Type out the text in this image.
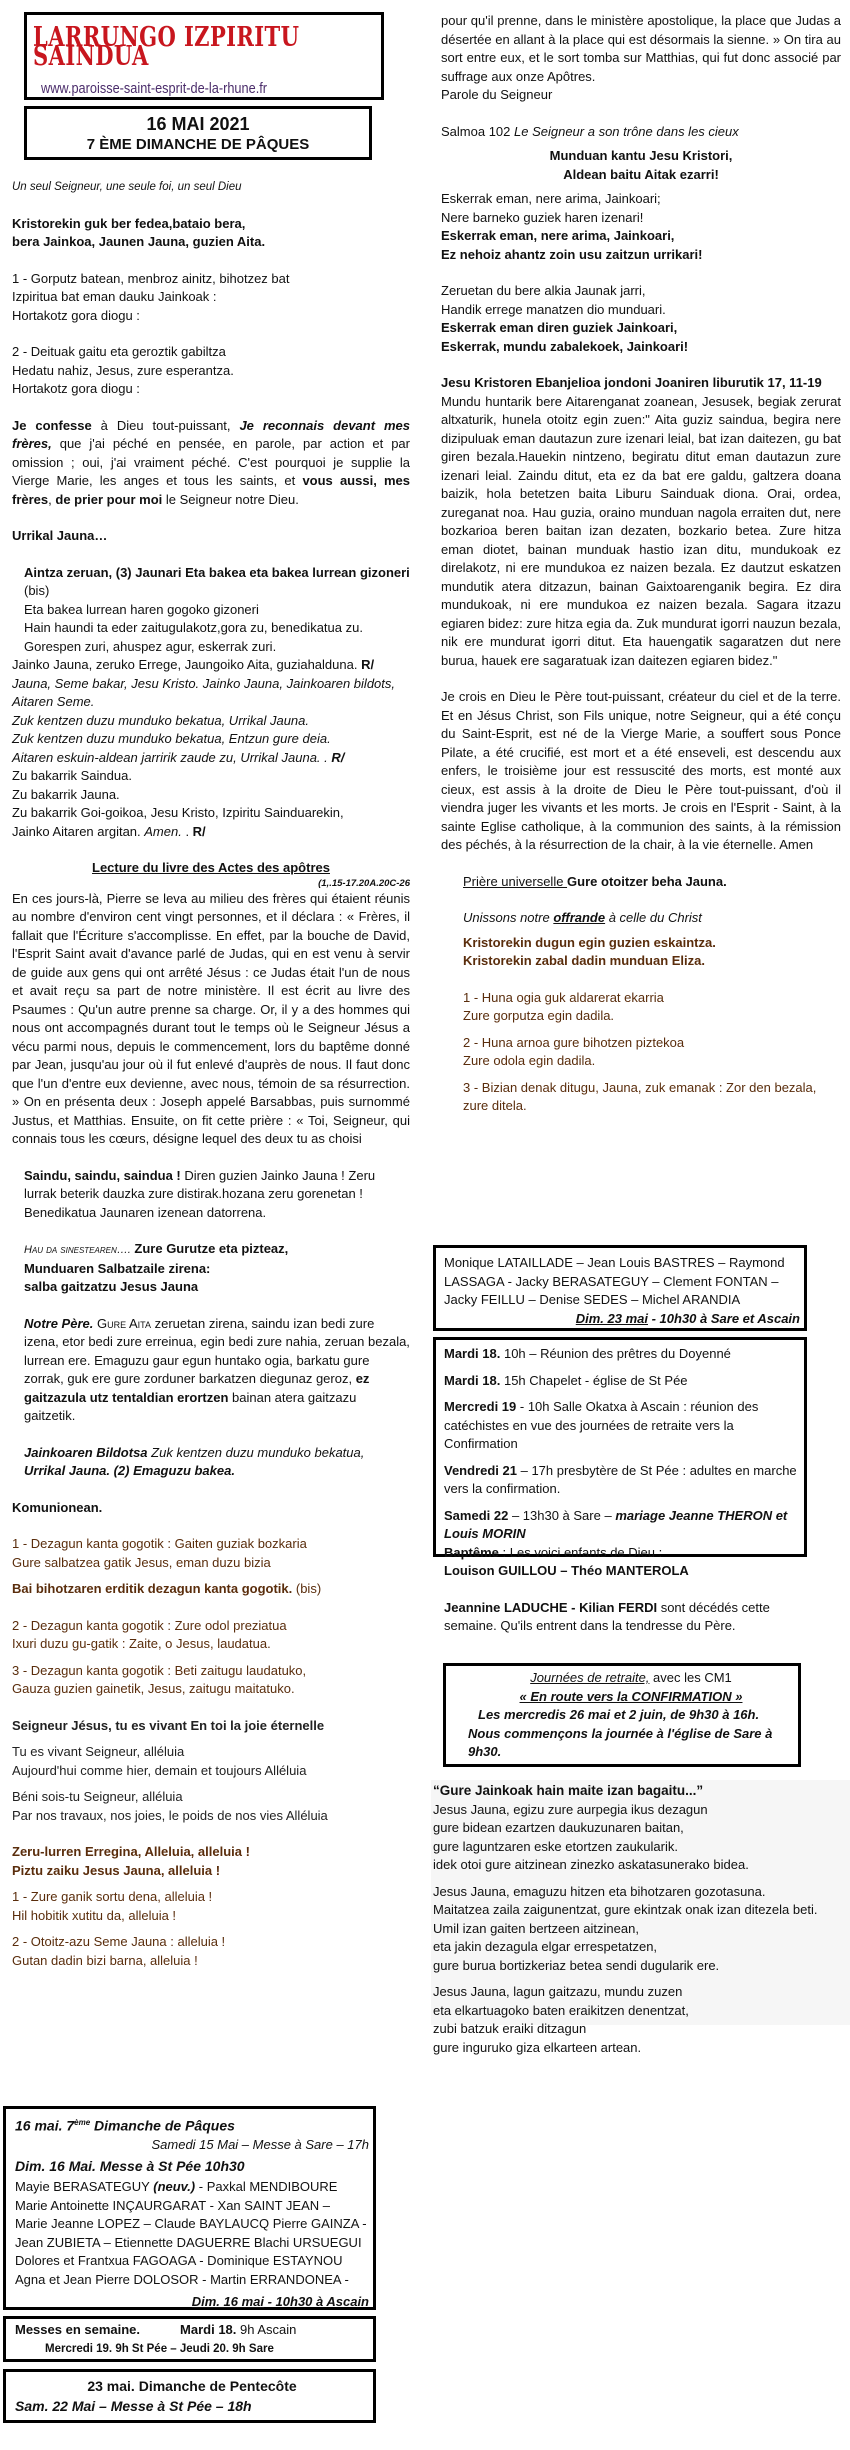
LARRUNGO IZPIRITU SAINDUA
www.paroisse-saint-esprit-de-la-rhune.fr
16 MAI 2021
7 ÈME DIMANCHE DE PÂQUES

Un seul Seigneur, une seule foi, un seul Dieu

Kristorekin guk ber fedea,bataio bera,

bera Jainkoa, Jaunen Jauna, guzien Aita.

1 - Gorputz batean, menbroz ainitz, bihotzez bat

Izpiritua bat eman dauku Jainkoak :

Hortakotz gora diogu :

2 - Deituak gaitu eta geroztik gabiltza

Hedatu nahiz, Jesus, zure esperantza.

Hortakotz gora diogu :

Je confesse à Dieu tout-puissant, Je reconnais devant mes frères, que j'ai péché en pensée, en parole, par action et par omission ; oui, j'ai vraiment péché. C'est pourquoi je supplie la Vierge Marie, les anges et tous les saints, et vous aussi, mes frères, de prier pour moi le Seigneur notre Dieu.

Urrikal Jauna…

Aintza zeruan, (3) Jaunari Eta bakea eta bakea lurrean gizoneri (bis)

Eta bakea lurrean haren gogoko gizoneri

Hain haundi ta eder zaitugulakotz,gora zu, benedikatua zu.

Gorespen zuri, ahuspez agur, eskerrak zuri.

Jainko Jauna, zeruko Errege, Jaungoiko Aita, guziahalduna. R/

Jauna, Seme bakar, Jesu Kristo. Jainko Jauna, Jainkoaren bildots, Aitaren Seme.

Zuk kentzen duzu munduko bekatua, Urrikal Jauna.

Zuk kentzen duzu munduko bekatua, Entzun gure deia.

Aitaren eskuin-aldean jarririk zaude zu, Urrikal Jauna. . R/

Zu bakarrik Saindua.

Zu bakarrik Jauna.

Zu bakarrik Goi-goikoa, Jesu Kristo, Izpiritu Sainduarekin,

Jainko Aitaren argitan. Amen. . R/

Lecture du livre des Actes des apôtres

(1,.15-17.20A.20C-26

En ces jours-là, Pierre se leva au milieu des frères qui étaient réunis au nombre d'environ cent vingt personnes, et il déclara : « Frères, il fallait que l'Écriture s'accomplisse. En effet, par la bouche de David, l'Esprit Saint avait d'avance parlé de Judas, qui en est venu à servir de guide aux gens qui ont arrêté Jésus : ce Judas était l'un de nous et avait reçu sa part de notre ministère. Il est écrit au livre des Psaumes : Qu'un autre prenne sa charge. Or, il y a des hommes qui nous ont accompagnés durant tout le temps où le Seigneur Jésus a vécu parmi nous, depuis le commencement, lors du baptême donné par Jean, jusqu'au jour où il fut enlevé d'auprès de nous. Il faut donc que l'un d'entre eux devienne, avec nous, témoin de sa résurrection. » On en présenta deux : Joseph appelé Barsabbas, puis surnommé Justus, et Matthias. Ensuite, on fit cette prière : « Toi, Seigneur, qui connais tous les cœurs, désigne lequel des deux tu as choisi

Saindu, saindu, saindua ! Diren guzien Jainko Jauna ! Zeru lurrak beterik dauzka zure distirak.hozana zeru gorenetan ! Benedikatua Jaunaren izenean datorrena.

Hau da sinestearen…. Zure Gurutze eta pizteaz,

Munduaren Salbatzaile zirena:

salba gaitzatzu Jesus Jauna

Notre Père. Gure Aita zeruetan zirena, saindu izan bedi zure izena, etor bedi zure erreinua, egin bedi zure nahia, zeruan bezala, lurrean ere. Emaguzu gaur egun huntako ogia, barkatu gure zorrak, guk ere gure zorduner barkatzen diegunaz geroz, ez gaitzazula utz tentaldian erortzen bainan atera gaitzazu gaitzetik.

Jainkoaren Bildotsa Zuk kentzen duzu munduko bekatua,

Urrikal Jauna. (2) Emaguzu bakea.

Komunionean.

1 - Dezagun kanta gogotik : Gaiten guziak bozkaria

Gure salbatzea gatik Jesus, eman duzu bizia

Bai bihotzaren erditik dezagun kanta gogotik. (bis)

2 - Dezagun kanta gogotik : Zure odol preziatua

Ixuri duzu gu-gatik : Zaite, o Jesus, laudatua.

3 - Dezagun kanta gogotik : Beti zaitugu laudatuko,

Gauza guzien gainetik, Jesus, zaitugu maitatuko.

Seigneur Jésus, tu es vivant En toi la joie éternelle

Tu es vivant Seigneur, alléluia

Aujourd'hui comme hier, demain et toujours Alléluia

Béni sois-tu Seigneur, alléluia

Par nos travaux, nos joies, le poids de nos vies Alléluia

Zeru-lurren Erregina, Alleluia, alleluia !

Piztu zaiku Jesus Jauna, alleluia !

1 - Zure ganik sortu dena, alleluia !

Hil hobitik xutitu da, alleluia !

2 - Otoitz-azu Seme Jauna : alleluia !

Gutan dadin bizi barna, alleluia !

16 mai. 7ème Dimanche de Pâques

Samedi 15 Mai – Messe à Sare – 17h

Dim. 16 Mai. Messe à St Pée 10h30

Mayie BERASATEGUY (neuv.) - Paxkal MENDIBOURE

Marie Antoinette INÇAURGARAT - Xan SAINT JEAN –

Marie Jeanne LOPEZ – Claude BAYLAUCQ Pierre GAINZA -

Jean ZUBIETA – Etiennette DAGUERRE Blachi URSUEGUI

Dolores et Frantxua FAGOAGA - Dominique ESTAYNOU

Agna et Jean Pierre DOLOSOR - Martin ERRANDONEA -

Dim. 16 mai - 10h30 à Ascain

Messes en semaine.	Mardi 18. 9h Ascain

Mercredi 19. 9h St Pée – Jeudi 20. 9h Sare

23 mai. Dimanche de Pentecôte

Sam. 22 Mai – Messe à St Pée – 18h

pour qu'il prenne, dans le ministère apostolique, la place que Judas a désertée en allant à la place qui est désormais la sienne. » On tira au sort entre eux, et le sort tomba sur Matthias, qui fut donc associé par suffrage aux onze Apôtres.

Parole du Seigneur

Salmoa 102 Le Seigneur a son trône dans les cieux

Munduan kantu Jesu Kristori,

Aldean baitu Aitak ezarri!

Eskerrak eman, nere arima, Jainkoari;

Nere barneko guziek haren izenari!

Eskerrak eman, nere arima, Jainkoari,

Ez nehoiz ahantz zoin usu zaitzun urrikari!

Zeruetan du bere alkia Jaunak jarri,

Handik errege manatzen dio munduari.

Eskerrak eman diren guziek Jainkoari,

Eskerrak, mundu zabalekoek, Jainkoari!

Jesu Kristoren Ebanjelioa jondoni Joaniren liburutik 17, 11-19

Mundu huntarik bere Aitarenganat zoanean, Jesusek, begiak zerurat altxaturik, hunela otoitz egin zuen:" Aita guziz saindua, begira nere dizipuluak eman dautazun zure izenari leial, bat izan daitezen, gu bat giren bezala.Hauekin nintzeno, begiratu ditut eman dautazun zure izenari leial. Zaindu ditut, eta ez da bat ere galdu, galtzera doana baizik, hola betetzen baita Liburu Sainduak diona. Orai, ordea, zureganat noa. Hau guzia, oraino munduan nagola erraiten dut, nere bozkarioa beren baitan izan dezaten, bozkario betea. Zure hitza eman diotet, bainan munduak hastio izan ditu, mundukoak ez direlakotz, ni ere mundukoa ez naizen bezala. Ez dautzut eskatzen mundutik atera ditzazun, bainan Gaixtoarenganik begira. Ez dira mundukoak, ni ere mundukoa ez naizen bezala. Sagara itzazu egiaren bidez: zure hitza egia da. Zuk mundurat igorri nauzun bezala, nik ere mundurat igorri ditut. Eta hauengatik sagaratzen dut nere burua, hauek ere sagaratuak izan daitezen egiaren bidez."

Je crois en Dieu le Père tout-puissant, créateur du ciel et de la terre. Et en Jésus Christ, son Fils unique, notre Seigneur, qui a été conçu du Saint-Esprit, est né de la Vierge Marie, a souffert sous Ponce Pilate, a été crucifié, est mort et a été enseveli, est descendu aux enfers, le troisième jour est ressuscité des morts, est monté aux cieux, est assis à la droite de Dieu le Père tout-puissant, d'où il viendra juger les vivants et les morts. Je crois en l'Esprit - Saint, à la sainte Eglise catholique, à la communion des saints, à la rémission des péchés, à la résurrection de la chair, à la vie éternelle. Amen

Prière universelle Gure otoitzer beha Jauna.

Unissons notre offrande à celle du Christ

Kristorekin dugun egin guzien eskaintza.

Kristorekin zabal dadin munduan Eliza.

1 - Huna ogia guk aldarerat ekarria

Zure gorputza egin dadila.

2 - Huna arnoa gure bihotzen piztekoa

Zure odola egin dadila.

3 - Bizian denak ditugu, Jauna, zuk emanak : Zor den bezala,

zure ditela.

Monique LATAILLADE – Jean Louis BASTRES – Raymond LASSAGA - Jacky BERASATEGUY – Clement FONTAN – Jacky FEILLU – Denise SEDES – Michel ARANDIA

Dim. 23 mai - 10h30 à Sare et Ascain

Mardi 18. 10h – Réunion des prêtres du Doyenné

Mardi 18. 15h Chapelet - église de St Pée

Mercredi 19 - 10h Salle Okatxa à Ascain : réunion des catéchistes en vue des journées de retraite vers la Confirmation

Vendredi 21 – 17h presbytère de St Pée : adultes en marche vers la confirmation.

Samedi 22 – 13h30 à Sare – mariage Jeanne THERON et Louis MORIN

Baptême : Les voici enfants de Dieu :

Louison GUILLOU – Théo MANTEROLA

Jeannine LADUCHE - Kilian FERDI sont décédés cette semaine. Qu'ils entrent dans la tendresse du Père.

Journées de retraite, avec les CM1

« En route vers la CONFIRMATION »

Les mercredis 26 mai et 2 juin, de 9h30 à 16h.

Nous commençons la journée à l'église de Sare à 9h30.

“Gure Jainkoak hain maite izan bagaitu...”

Jesus Jauna, egizu zure aurpegia ikus dezagun

gure bidean ezartzen daukuzunaren baitan,

gure laguntzaren eske etortzen zaukularik.

idek otoi gure aitzinean zinezko askatasunerako bidea.

Jesus Jauna, emaguzu hitzen eta bihotzaren gozotasuna.

Maitatzea zaila zaigunentzat, gure ekintzak onak izan ditezela beti.

Umil izan gaiten bertzeen aitzinean,

eta jakin dezagula elgar errespetatzen,

gure burua bortizkeriaz betea sendi dugularik ere.

Jesus Jauna, lagun gaitzazu, mundu zuzen

eta elkartuagoko baten eraikitzen denentzat,

zubi batzuk eraiki ditzagun

gure inguruko giza elkarteen artean.
